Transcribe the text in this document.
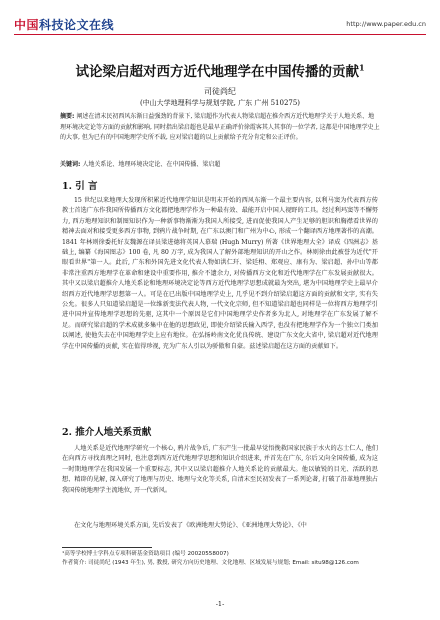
中国科技论文在线	http://www.paper.edu.cn
试论梁启超对西方近代地理学在中国传播的贡献$^1$
司徒尚纪
(中山大学地理科学与规划学院, 广东 广州 510275)
摘要: 阐述在清末民初西风东渐日益强劲的背景下, 梁启超作为代表人物梁启超在推介西方近代地理学关于人地关系、地理环境决定论等方面的贡献和影响, 同时指出梁启超也是最早正确评价徐霞客其人其事的一位学者, 这都是中国地理学史上的大事, 但为已有的中国地理学史所不载, 应对梁启超的以上贡献给予充分肯定和公正评价。
关键词: 人地关系论、地理环境决定论、在中国传播、梁启超
1. 引 言
15 世纪以来地理大发现所积累近代地理学知识是明末开始的西风东渐一个最主要内容, 以利马窦为代表西方传教士首选广东作我国所传播西方文化都把地理学作为一种最有效、最能开启中国人视野的工具。经过利玛窦等不懈努力, 西方地理知识和制图知识作为一种新事物渐渐为我国人所接受, 进而促使我国人产生足够的胆识和胸襟看世界的精神去面对和接受更多西方事物, 到鸦片战争时期, 在广东以澳门和广州为中心, 形成一个翻译西方地理著作的高潮。1841 年林则徐委托好友魏源在译员梁进德将英国人慕瑞 (Hugh Murry) 所著《世界地理大全》译成《四洲志》基础上, 编纂《海国图志》100 卷, 凡 80 万字, 成为我国人了解外部地理知识的开山之作。林则徐由此被誉为近代"开眼看世界"第一人。此后, 广东和外国先进文化代表人物如洪仁玕、梁廷枏、郑观应、康有为、梁启超、孙中山等都非常注重西方地理学在革命和建设中重要作用, 推介不遗余力, 对传播西方文化和近代地理学在广东发展贡献很大。其中又以梁启超推介人地关系论和地理环境决定论等西方近代地理学思想成就最为突出, 堪为中国地理学史上最早介绍西方近代地理学思想第一人。可是在已出版中国地理学史上, 几乎见不到介绍梁启超这方面的贡献和文字, 实有失公允。很多人只知道梁启超是一位维新变法代表人物, 一代文化宗师, 但不知道梁启超也同样是一位将西方地理学引进中国并宣传地理学思想的先驱, 这其中一个原因是它们中国地理学史作者多为北人, 对地理学在广东发展了解不足。而研究梁启超的学术成就多集中在他的思想政见, 即使介绍梁氏输入西学, 也没有把地理学作为一个独立门类加以阐述, 使他失去在中国地理学史上应有地位。在弘扬岭南文化优良传统、建设广东文化大省中, 梁启超对近代地理学在中国传播的贡献, 实在值得珍视, 充为广东人引以为骄傲和自豪。兹述梁启超在这方面的贡献如下。
2. 推介人地关系贡献
人地关系是近代地理学研究一个核心, 鸦片战争后, 广东产生一批最早觉悟挽救国家民族于水火的志士仁人, 他们在向西方寻找真理之同时, 也注意到西方近代地理学思想和知识介绍进来, 并首先在广东, 尔后又向全国传播, 成为这一时期地理学在我国发展一个重要标志, 其中又以梁启超推介人地关系论的贡献最大。他以敏锐的目光、活跃的思想、精辟的见解, 深入研究了地理与历史、地理与文化等关系, 自清末至民初发表了一系列论著, 打破了沿革地理独占我国传统地理学主流地位, 开一代新风。
在文化与地理环境关系方面, 先后发表了《欧洲地理大势论》、《亚洲地理大势论》、《中
¹高等学校博士学科点专项科研基金资助项目 (编号 20020558007)
作者简介: 司徒尚纪 (1943 年生), 男, 教授, 研究方向历史地理、文化地理、区域发展与规划; Email: situ98@126.com
-1-
